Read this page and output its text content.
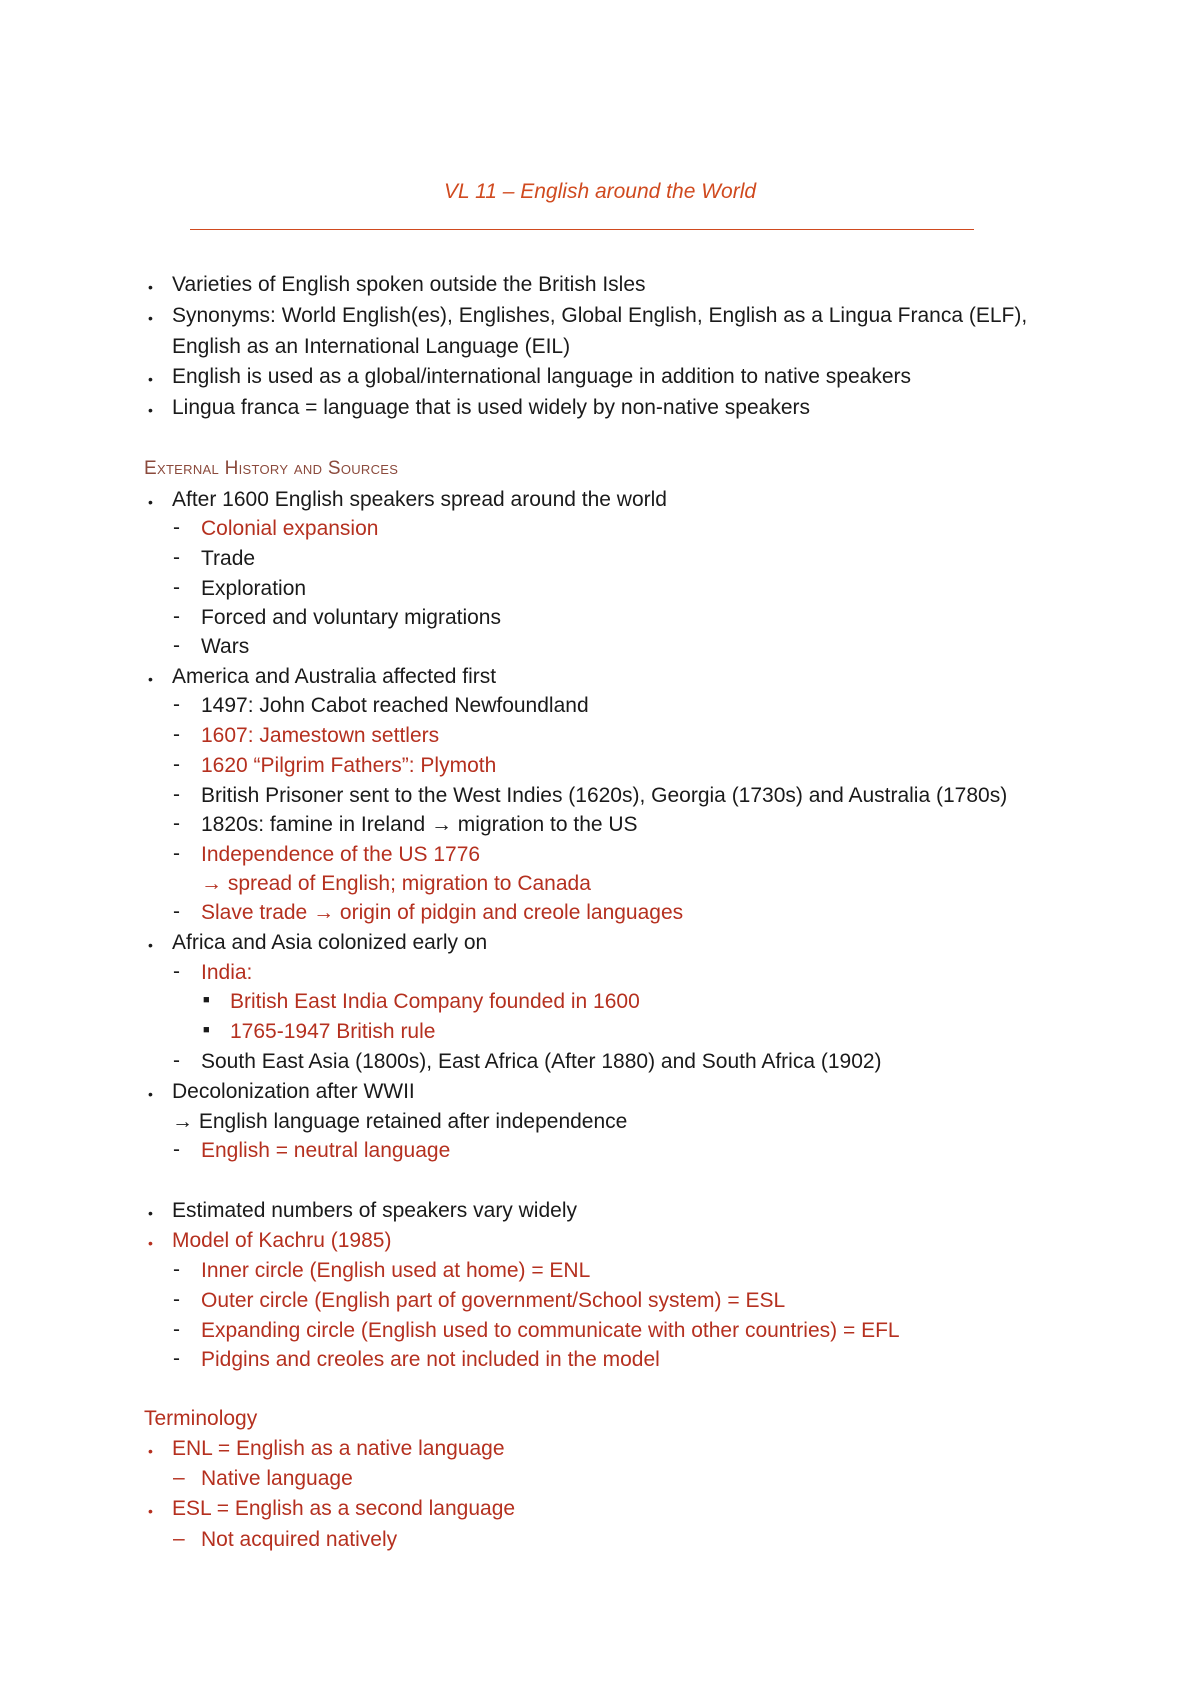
VL 11 – English around the World
• Varieties of English spoken outside the British Isles
• Synonyms: World English(es), Englishes, Global English, English as a Lingua Franca (ELF),
English as an International Language (EIL)
• English is used as a global/international language in addition to native speakers
• Lingua franca = language that is used widely by non-native speakers
External History and Sources
• After 1600 English speakers spread around the world
- Colonial expansion
- Trade
- Exploration
- Forced and voluntary migrations
- Wars
• America and Australia affected first
- 1497: John Cabot reached Newfoundland
- 1607: Jamestown settlers
- 1620 “Pilgrim Fathers”: Plymoth
- British Prisoner sent to the West Indies (1620s), Georgia (1730s) and Australia (1780s)
- 1820s: famine in Ireland → migration to the US
- Independence of the US 1776
→ spread of English; migration to Canada
- Slave trade → origin of pidgin and creole languages
• Africa and Asia colonized early on
- India:
■ British East India Company founded in 1600
■ 1765-1947 British rule
- South East Asia (1800s), East Africa (After 1880) and South Africa (1902)
• Decolonization after WWII
→ English language retained after independence
- English = neutral language
• Estimated numbers of speakers vary widely
• Model of Kachru (1985)
- Inner circle (English used at home) = ENL
- Outer circle (English part of government/School system) = ESL
- Expanding circle (English used to communicate with other countries) = EFL
- Pidgins and creoles are not included in the model
Terminology
• ENL = English as a native language
– Native language
• ESL = English as a second language
– Not acquired natively
